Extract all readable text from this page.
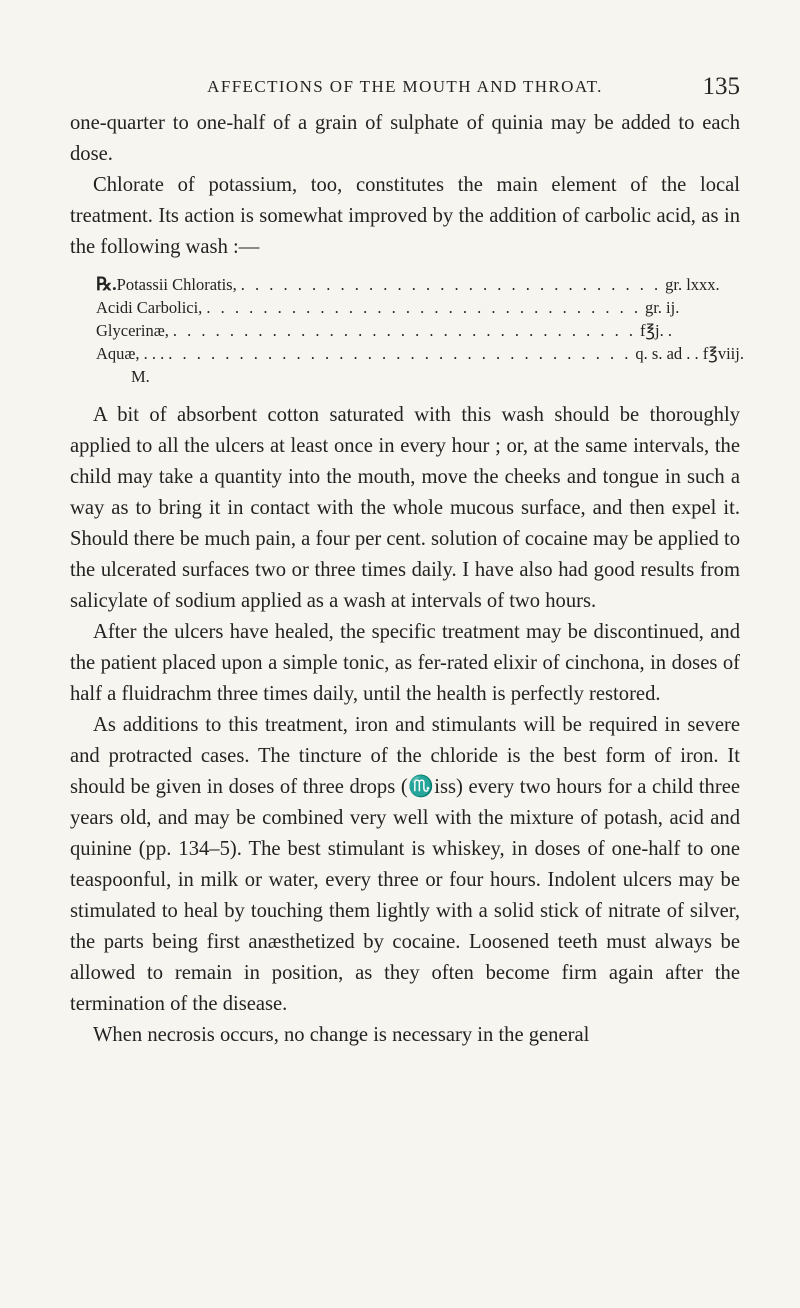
AFFECTIONS OF THE MOUTH AND THROAT.	135

one-quarter to one-half of a grain of sulphate of quinia may be added to each dose.

Chlorate of potassium, too, constitutes the main element of the local treatment. Its action is somewhat improved by the addition of carbolic acid, as in the following wash :—

℞. Potassii Chloratis, . . . . . . . . . . . . . . . . . . . . . . . . . . . . . . gr. lxxx.
Acidi Carbolici, . . . . . . . . . . . . . . . . . . . . . . . . . . . . . . . gr. ij.
Glycerinæ, . . . . . . . . . . . . . . . . . . . . . . . . . . . . . . . . . f℥j. .
Aquæ, . . . . . . . . . . . . . . . . . . . . . . . . . . . . . . . . . . . . q. s. ad . . f℥viij.
M.

A bit of absorbent cotton saturated with this wash should be thoroughly applied to all the ulcers at least once in every hour ; or, at the same intervals, the child may take a quantity into the mouth, move the cheeks and tongue in such a way as to bring it in contact with the whole mucous surface, and then expel it. Should there be much pain, a four per cent. solution of cocaine may be applied to the ulcerated surfaces two or three times daily. I have also had good results from salicylate of sodium applied as a wash at intervals of two hours.

After the ulcers have healed, the specific treatment may be discontinued, and the patient placed upon a simple tonic, as fer-rated elixir of cinchona, in doses of half a fluidrachm three times daily, until the health is perfectly restored.

As additions to this treatment, iron and stimulants will be required in severe and protracted cases. The tincture of the chloride is the best form of iron. It should be given in doses of three drops (♏iss) every two hours for a child three years old, and may be combined very well with the mixture of potash, acid and quinine (pp. 134–5). The best stimulant is whiskey, in doses of one-half to one teaspoonful, in milk or water, every three or four hours. Indolent ulcers may be stimulated to heal by touching them lightly with a solid stick of nitrate of silver, the parts being first anæsthetized by cocaine. Loosened teeth must always be allowed to remain in position, as they often become firm again after the termination of the disease.

When necrosis occurs, no change is necessary in the general
